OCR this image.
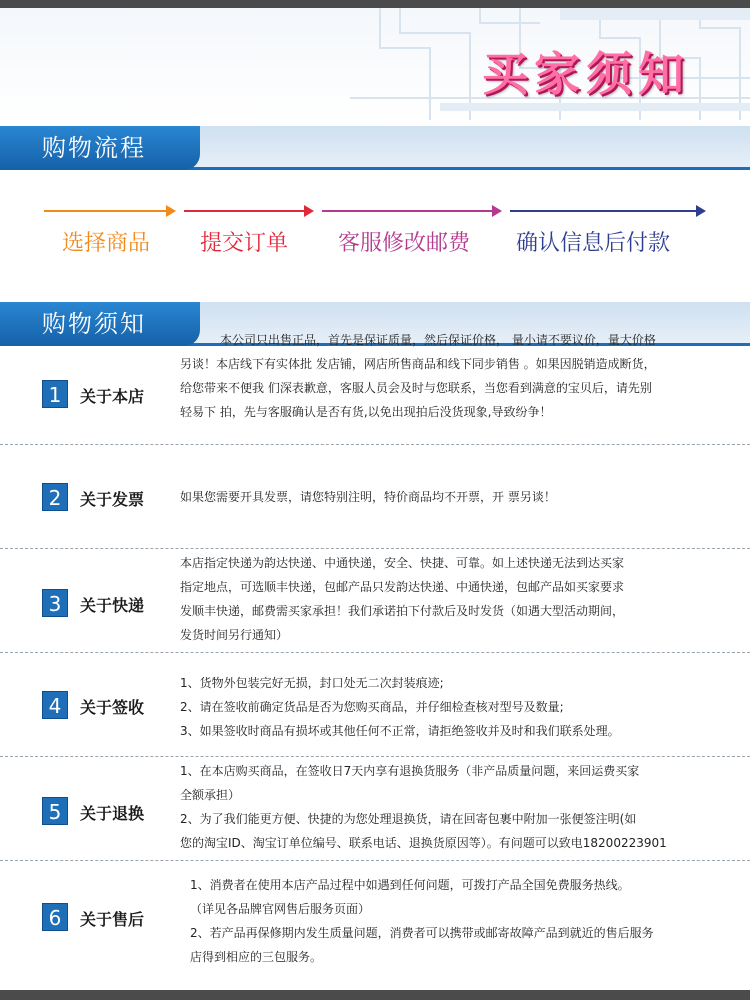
买家须知
购物流程
选择商品 提交订单 客服修改邮费 确认信息后付款
购物须知
1	关于本店

本公司只出售正品，首先是保证质量，然后保证价格， 量小请不要议价，量大价格

另谈！本店线下有实体批 发店铺，网店所售商品和线下同步销售 。如果因脱销造成断货，

给您带来不便我 们深表歉意，客服人员会及时与您联系，当您看到满意的宝贝后，请先别

轻易下 拍，先与客服确认是否有货,以免出现拍后没货现象,导致纷争！

2	关于发票	如果您需要开具发票，请您特别注明，特价商品均不开票，开 票另谈！

3	关于快递

本店指定快递为韵达快递、中通快递，安全、快捷、可靠。如上述快递无法到达买家

指定地点，可选顺丰快递，包邮产品只发韵达快递、中通快递，包邮产品如买家要求

发顺丰快递，邮费需买家承担！我们承诺拍下付款后及时发货（如遇大型活动期间，

发货时间另行通知）

4	关于签收

1、货物外包装完好无损，封口处无二次封装痕迹;

2、请在签收前确定货品是否为您购买商品，并仔细检查核对型号及数量;

3、如果签收时商品有损坏或其他任何不正常，请拒绝签收并及时和我们联系处理。

5	关于退换

1、在本店购买商品，在签收日7天内享有退换货服务（非产品质量问题，来回运费买家

全额承担）

2、为了我们能更方便、快捷的为您处理退换货，请在回寄包裹中附加一张便签注明(如

您的淘宝ID、淘宝订单位编号、联系电话、退换货原因等）。有问题可以致电18200223901

6	关于售后

1、消费者在使用本店产品过程中如遇到任何问题，可拨打产品全国免费服务热线。

（详见各品牌官网售后服务页面）

2、若产品再保修期内发生质量问题，消费者可以携带或邮寄故障产品到就近的售后服务

店得到相应的三包服务。
